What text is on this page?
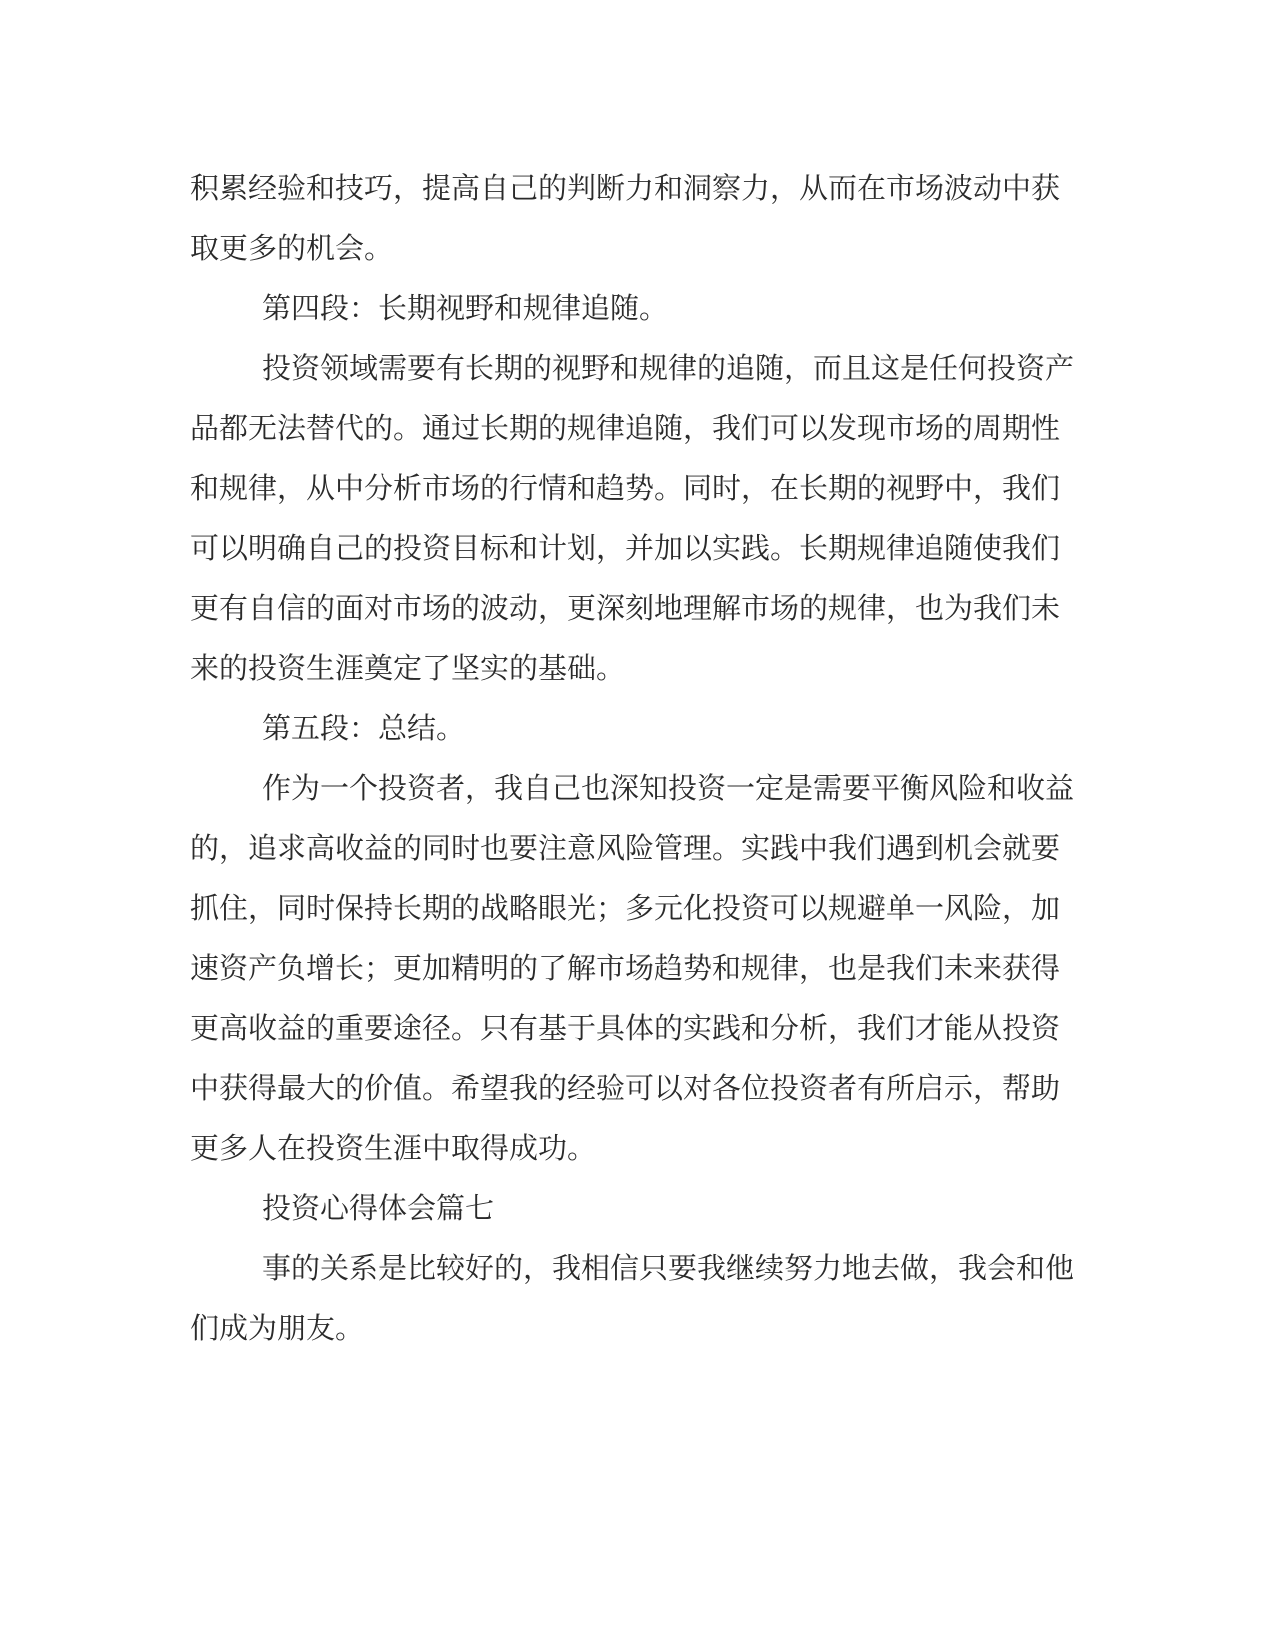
积累经验和技巧，提高自己的判断力和洞察力，从而在市场波动中获
取更多的机会。
第四段：长期视野和规律追随。
投资领域需要有长期的视野和规律的追随，而且这是任何投资产
品都无法替代的。通过长期的规律追随，我们可以发现市场的周期性
和规律，从中分析市场的行情和趋势。同时，在长期的视野中，我们
可以明确自己的投资目标和计划，并加以实践。长期规律追随使我们
更有自信的面对市场的波动，更深刻地理解市场的规律，也为我们未
来的投资生涯奠定了坚实的基础。
第五段：总结。
作为一个投资者，我自己也深知投资一定是需要平衡风险和收益
的，追求高收益的同时也要注意风险管理。实践中我们遇到机会就要
抓住，同时保持长期的战略眼光；多元化投资可以规避单一风险，加
速资产负增长；更加精明的了解市场趋势和规律，也是我们未来获得
更高收益的重要途径。只有基于具体的实践和分析，我们才能从投资
中获得最大的价值。希望我的经验可以对各位投资者有所启示，帮助
更多人在投资生涯中取得成功。
投资心得体会篇七
事的关系是比较好的，我相信只要我继续努力地去做，我会和他
们成为朋友。
